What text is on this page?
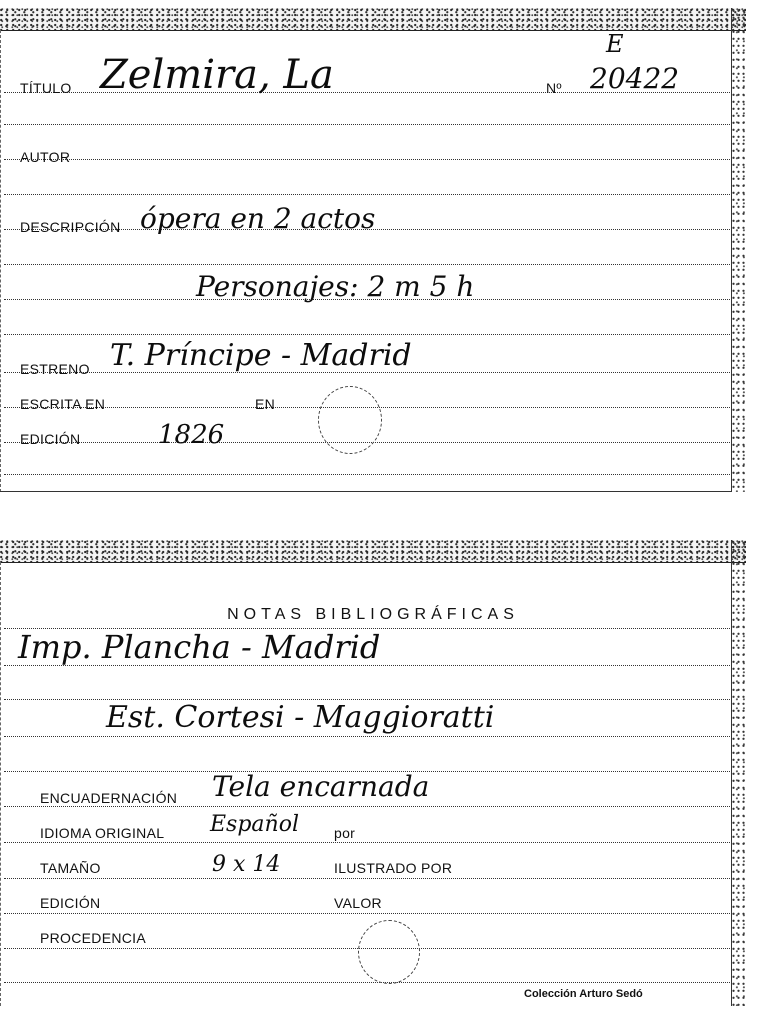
E
TÍTULO Zelmira, La	Nº 20422
AUTOR
DESCRIPCIÓN ópera en 2 actos
Personajes: 2 m 5 h
ESTRENO T. Príncipe - Madrid
ESCRITA EN	EN
EDICIÓN	1826
NOTAS BIBLIOGRÁFICAS
Imp. Plancha - Madrid
Est. Cortesi - Maggioratti
ENCUADERNACIÓN Tela encarnada
IDIOMA ORIGINAL Español	por
TAMAÑO	9 x 14	ILUSTRADO POR
EDICIÓN	VALOR
PROCEDENCIA
Colección Arturo Sedó
